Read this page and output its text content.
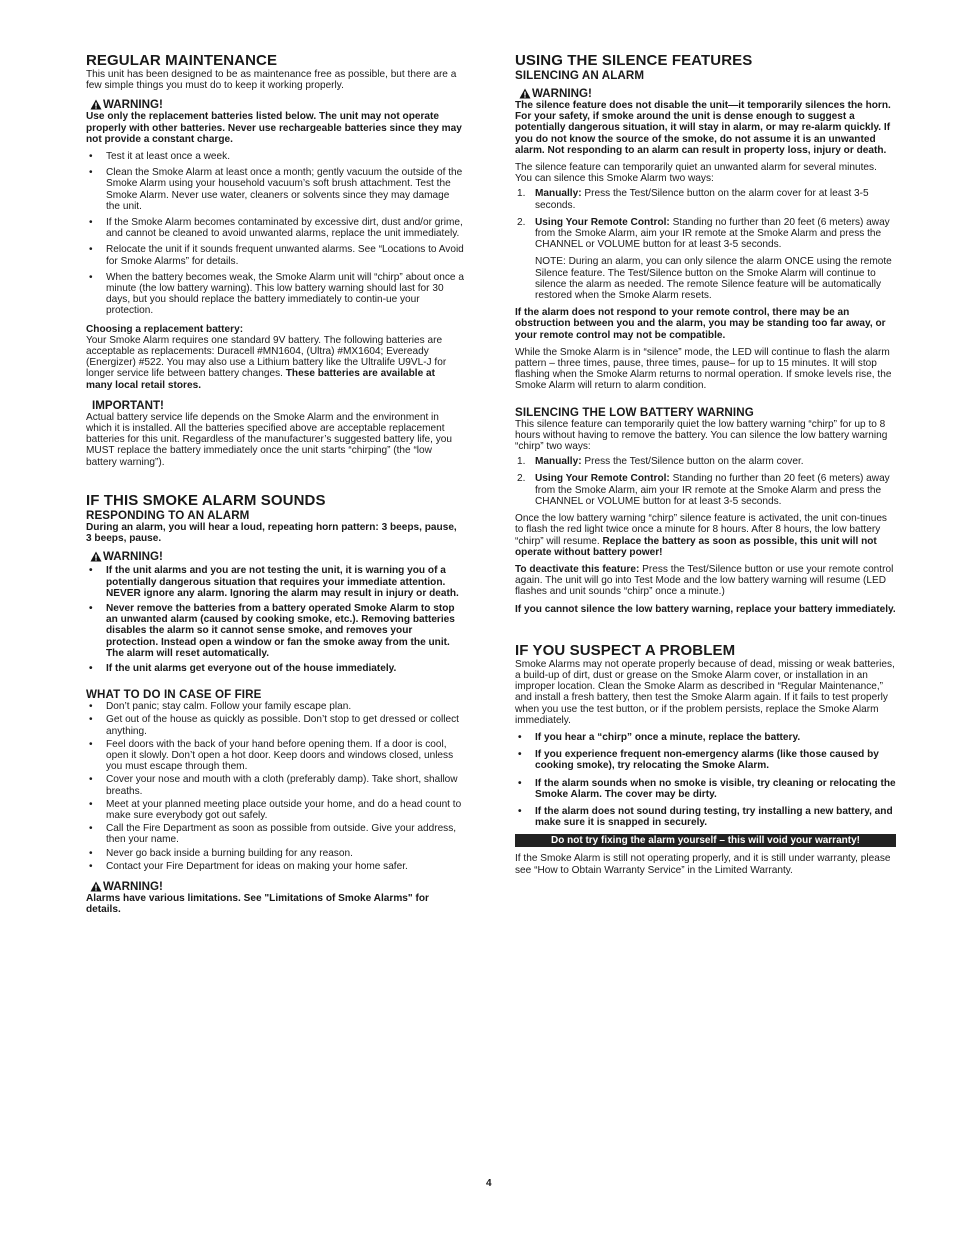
REGULAR MAINTENANCE

This unit has been designed to be as maintenance free as possible, but there are a few simple things you must do to keep it working properly.

WARNING!

Use only the replacement batteries listed below. The unit may not operate properly with other batteries. Never use rechargeable batteries since they may not provide a constant charge.

• Test it at least once a week.
• Clean the Smoke Alarm at least once a month; gently vacuum the outside of the Smoke Alarm using your household vacuum’s soft brush attachment. Test the Smoke Alarm. Never use water, cleaners or solvents since they may damage the unit.
• If the Smoke Alarm becomes contaminated by excessive dirt, dust and/or grime, and cannot be cleaned to avoid unwanted alarms, replace the unit immediately.
• Relocate the unit if it sounds frequent unwanted alarms. See “Locations to Avoid for Smoke Alarms” for details.
• When the battery becomes weak, the Smoke Alarm unit will “chirp” about once a minute (the low battery warning). This low battery warning should last for 30 days, but you should replace the battery immediately to contin-ue your protection.

Choosing a replacement battery:

Your Smoke Alarm requires one standard 9V battery. The following batteries are acceptable as replacements: Duracell #MN1604, (Ultra) #MX1604; Eveready (Energizer) #522. You may also use a Lithium battery like the Ultralife U9VL-J for longer service life between battery changes. These batteries are available at many local retail stores.

IMPORTANT!

Actual battery service life depends on the Smoke Alarm and the environment in which it is installed. All the batteries specified above are acceptable replacement batteries for this unit. Regardless of the manufacturer’s suggested battery life, you MUST replace the battery immediately once the unit starts “chirping” (the “low battery warning”).

IF THIS SMOKE ALARM SOUNDS
RESPONDING TO AN ALARM

During an alarm, you will hear a loud, repeating horn pattern: 3 beeps, pause, 3 beeps, pause.

WARNING!
• If the unit alarms and you are not testing the unit, it is warning you of a potentially dangerous situation that requires your immediate attention. NEVER ignore any alarm. Ignoring the alarm may result in injury or death.
• Never remove the batteries from a battery operated Smoke Alarm to stop an unwanted alarm (caused by cooking smoke, etc.). Removing batteries disables the alarm so it cannot sense smoke, and removes your protection. Instead open a window or fan the smoke away from the unit. The alarm will reset automatically.
• If the unit alarms get everyone out of the house immediately.
WHAT TO DO IN CASE OF FIRE
• Don’t panic; stay calm. Follow your family escape plan.
• Get out of the house as quickly as possible. Don’t stop to get dressed or collect anything.
• Feel doors with the back of your hand before opening them. If a door is cool, open it slowly. Don’t open a hot door. Keep doors and windows closed, unless you must escape through them.
• Cover your nose and mouth with a cloth (preferably damp). Take short, shallow breaths.
• Meet at your planned meeting place outside your home, and do a head count to make sure everybody got out safely.
• Call the Fire Department as soon as possible from outside. Give your address, then your name.
• Never go back inside a burning building for any reason.
• Contact your Fire Department for ideas on making your home safer.
WARNING!

Alarms have various limitations. See "Limitations of Smoke Alarms" for details.

USING THE SILENCE FEATURES
SILENCING AN ALARM
WARNING!

The silence feature does not disable the unit—it temporarily silences the horn. For your safety, if smoke around the unit is dense enough to suggest a potentially dangerous situation, it will stay in alarm, or may re-alarm quickly. If you do not know the source of the smoke, do not assume it is an unwanted alarm. Not responding to an alarm can result in property loss, injury or death.

The silence feature can temporarily quiet an unwanted alarm for several minutes. You can silence this Smoke Alarm two ways:

1. Manually: Press the Test/Silence button on the alarm cover for at least 3-5 seconds.
2. Using Your Remote Control: Standing no further than 20 feet (6 meters) away from the Smoke Alarm, aim your IR remote at the Smoke Alarm and press the CHANNEL or VOLUME button for at least 3-5 seconds.

NOTE: During an alarm, you can only silence the alarm ONCE using the remote Silence feature. The Test/Silence button on the Smoke Alarm will continue to silence the alarm as needed. The remote Silence feature will be automatically restored when the Smoke Alarm resets.

If the alarm does not respond to your remote control, there may be an obstruction between you and the alarm, you may be standing too far away, or your remote control may not be compatible.

While the Smoke Alarm is in “silence” mode, the LED will continue to flash the alarm pattern – three times, pause, three times, pause– for up to 15 minutes. It will stop flashing when the Smoke Alarm returns to normal operation. If smoke levels rise, the Smoke Alarm will return to alarm condition.

SILENCING THE LOW BATTERY WARNING

This silence feature can temporarily quiet the low battery warning “chirp” for up to 8 hours without having to remove the battery. You can silence the low battery warning “chirp” two ways:

1. Manually: Press the Test/Silence button on the alarm cover.
2. Using Your Remote Control: Standing no further than 20 feet (6 meters) away from the Smoke Alarm, aim your IR remote at the Smoke Alarm and press the CHANNEL or VOLUME button for at least 3-5 seconds.

Once the low battery warning “chirp” silence feature is activated, the unit con-tinues to flash the red light twice once a minute for 8 hours. After 8 hours, the low battery “chirp” will resume. Replace the battery as soon as possible, this unit will not operate without battery power!

To deactivate this feature: Press the Test/Silence button or use your remote control again. The unit will go into Test Mode and the low battery warning will resume (LED flashes and unit sounds “chirp” once a minute.)

If you cannot silence the low battery warning, replace your battery immediately.

IF YOU SUSPECT A PROBLEM

Smoke Alarms may not operate properly because of dead, missing or weak batteries, a build-up of dirt, dust or grease on the Smoke Alarm cover, or installation in an improper location. Clean the Smoke Alarm as described in “Regular Maintenance,” and install a fresh battery, then test the Smoke Alarm again. If it fails to test properly when you use the test button, or if the problem persists, replace the Smoke Alarm immediately.

• If you hear a “chirp” once a minute, replace the battery.
• If you experience frequent non-emergency alarms (like those caused by cooking smoke), try relocating the Smoke Alarm.
• If the alarm sounds when no smoke is visible, try cleaning or relocating the Smoke Alarm. The cover may be dirty.
• If the alarm does not sound during testing, try installing a new battery, and make sure it is snapped in securely.
Do not try fixing the alarm yourself – this will void your warranty!

If the Smoke Alarm is still not operating properly, and it is still under warranty, please see “How to Obtain Warranty Service” in the Limited Warranty.

4
